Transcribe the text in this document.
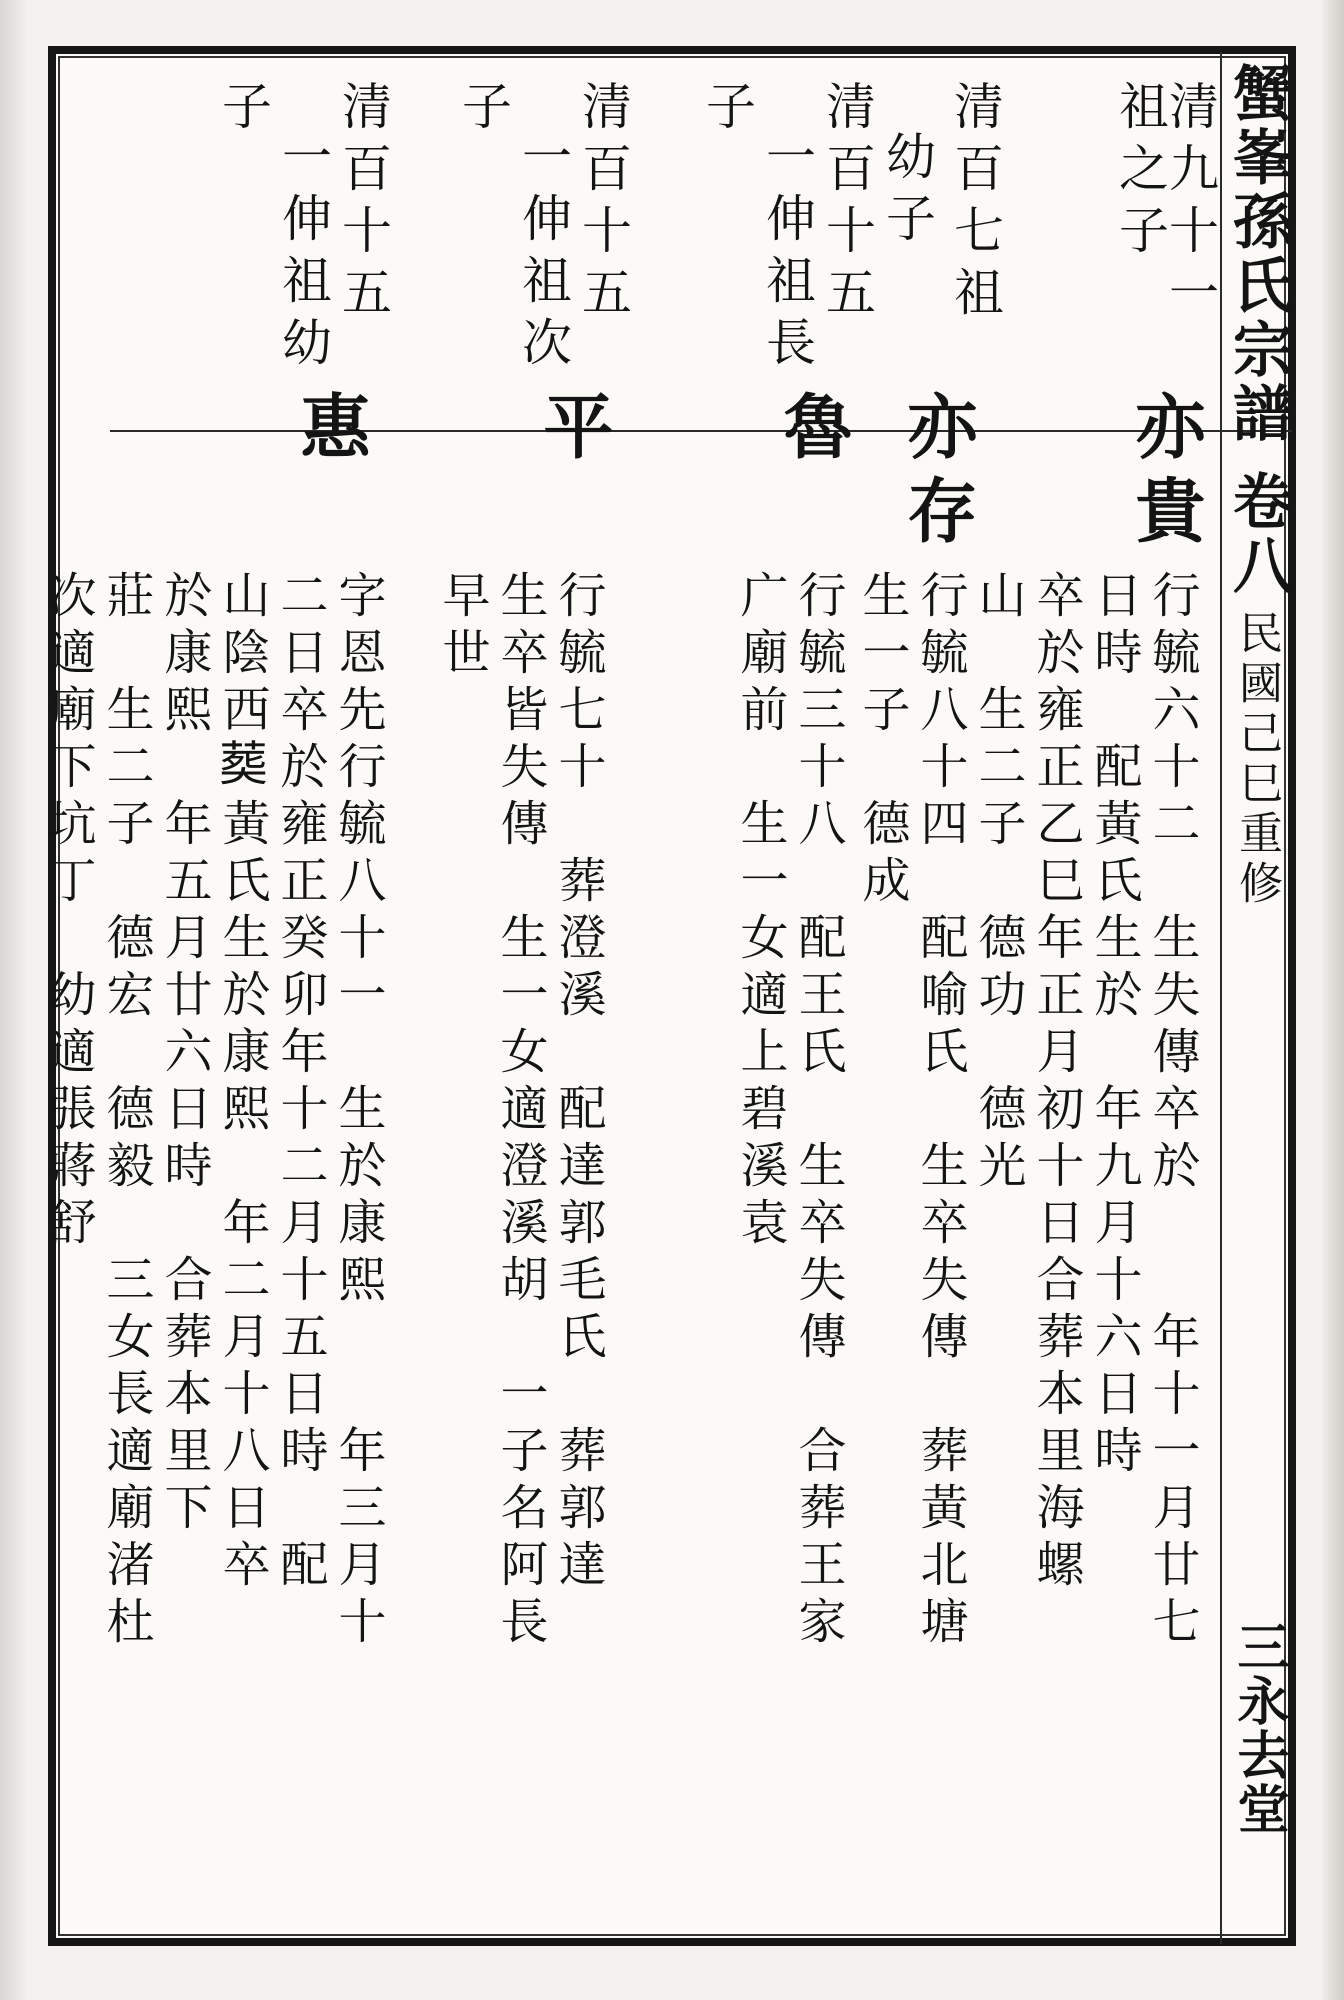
蟹峯孫氏宗譜
卷八
民國己巳重修
三永去堂
清九十一
祖之子
清百七祖
幼子
清百十五
一伸祖長
子
清百十五
一伸祖次
子
清百十五
一伸祖幼
子
亦貴
亦存
魯
平
惠
行毓六十二　生失傳卒於　　年十一月廿七
日時　配黃氏生於　年九月十六日時
卒於雍正乙巳年正月初十日合葬本里海螺
山　生二子　德功　德光
行毓八十四　配喻氏　生卒失傳　葬黃北塘
生一子　德成
行毓三十八　配王氏　生卒失傳　合葬王家
广廟前　生一女適上碧溪袁
行毓七十　葬澄溪　配達郭毛氏　葬郭達
生卒皆失傳　生一女適澄溪胡　一子名阿長
早世
字恩先行毓八十一　生於康熙　　年三月十
二日卒於雍正癸卯年十二月十五日時　配
山陰西𦵏黃氏生於康熙　年二月十八日卒
於康熙　年五月廿六日時　合葬本里下
莊　生二子　德宏　德毅　三女長適廟渚杜
次適廟下坑丁　幼適張蔣舒
